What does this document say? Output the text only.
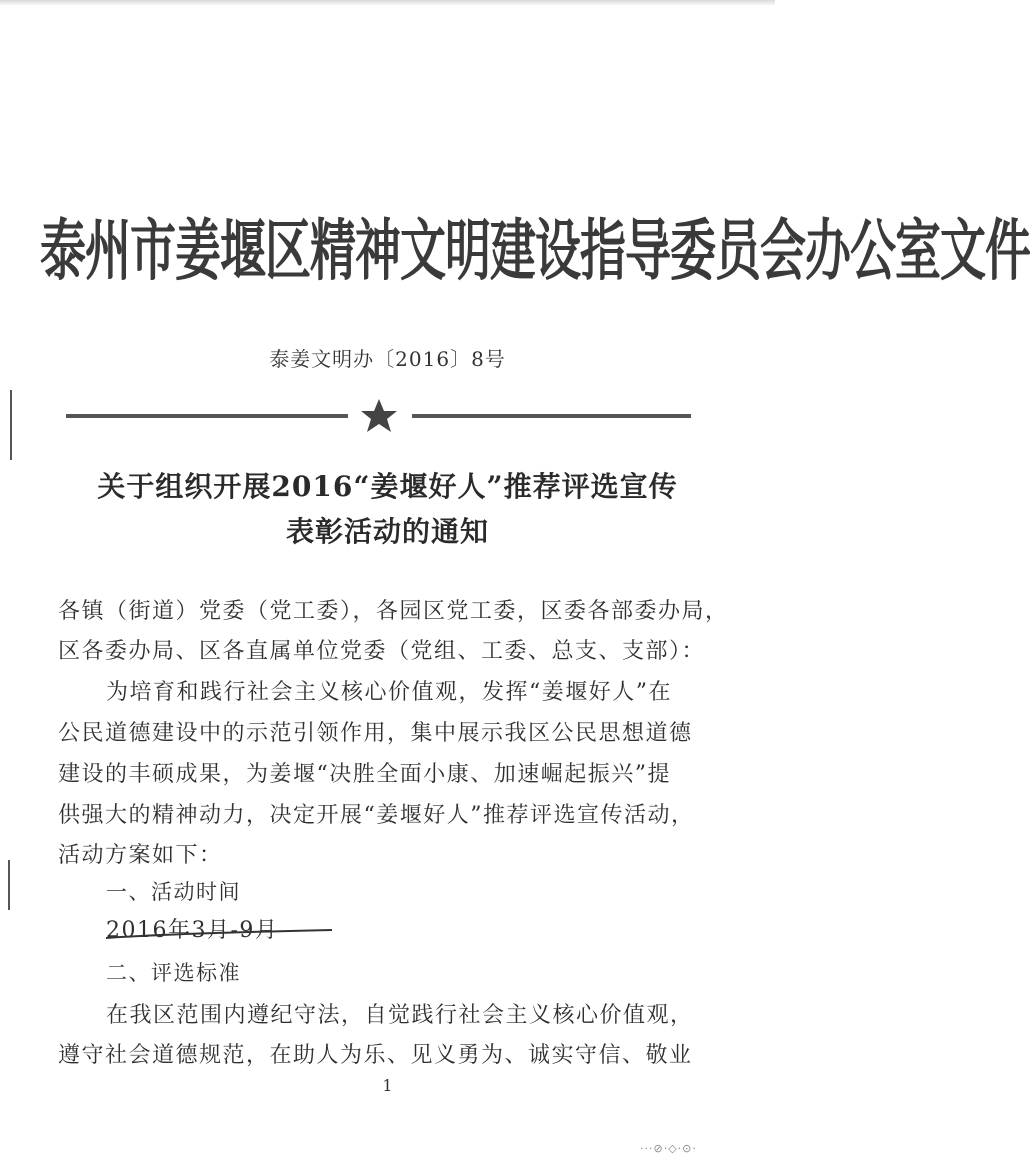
泰州市姜堰区精神文明建设指导委员会办公室文件
泰姜文明办〔2016〕8号
关于组织开展2016“姜堰好人”推荐评选宣传
表彰活动的通知
各镇（街道）党委（党工委），各园区党工委，区委各部委办局，
区各委办局、区各直属单位党委（党组、工委、总支、支部）：
为培育和践行社会主义核心价值观，发挥“姜堰好人”在
公民道德建设中的示范引领作用，集中展示我区公民思想道德
建设的丰硕成果，为姜堰“决胜全面小康、加速崛起振兴”提
供强大的精神动力，决定开展“姜堰好人”推荐评选宣传活动，
活动方案如下：
一、活动时间
2016年3月-9月
二、评选标准
在我区范围内遵纪守法，自觉践行社会主义核心价值观，
遵守社会道德规范，在助人为乐、见义勇为、诚实守信、敬业
1
···⊘·◇·⊙·
